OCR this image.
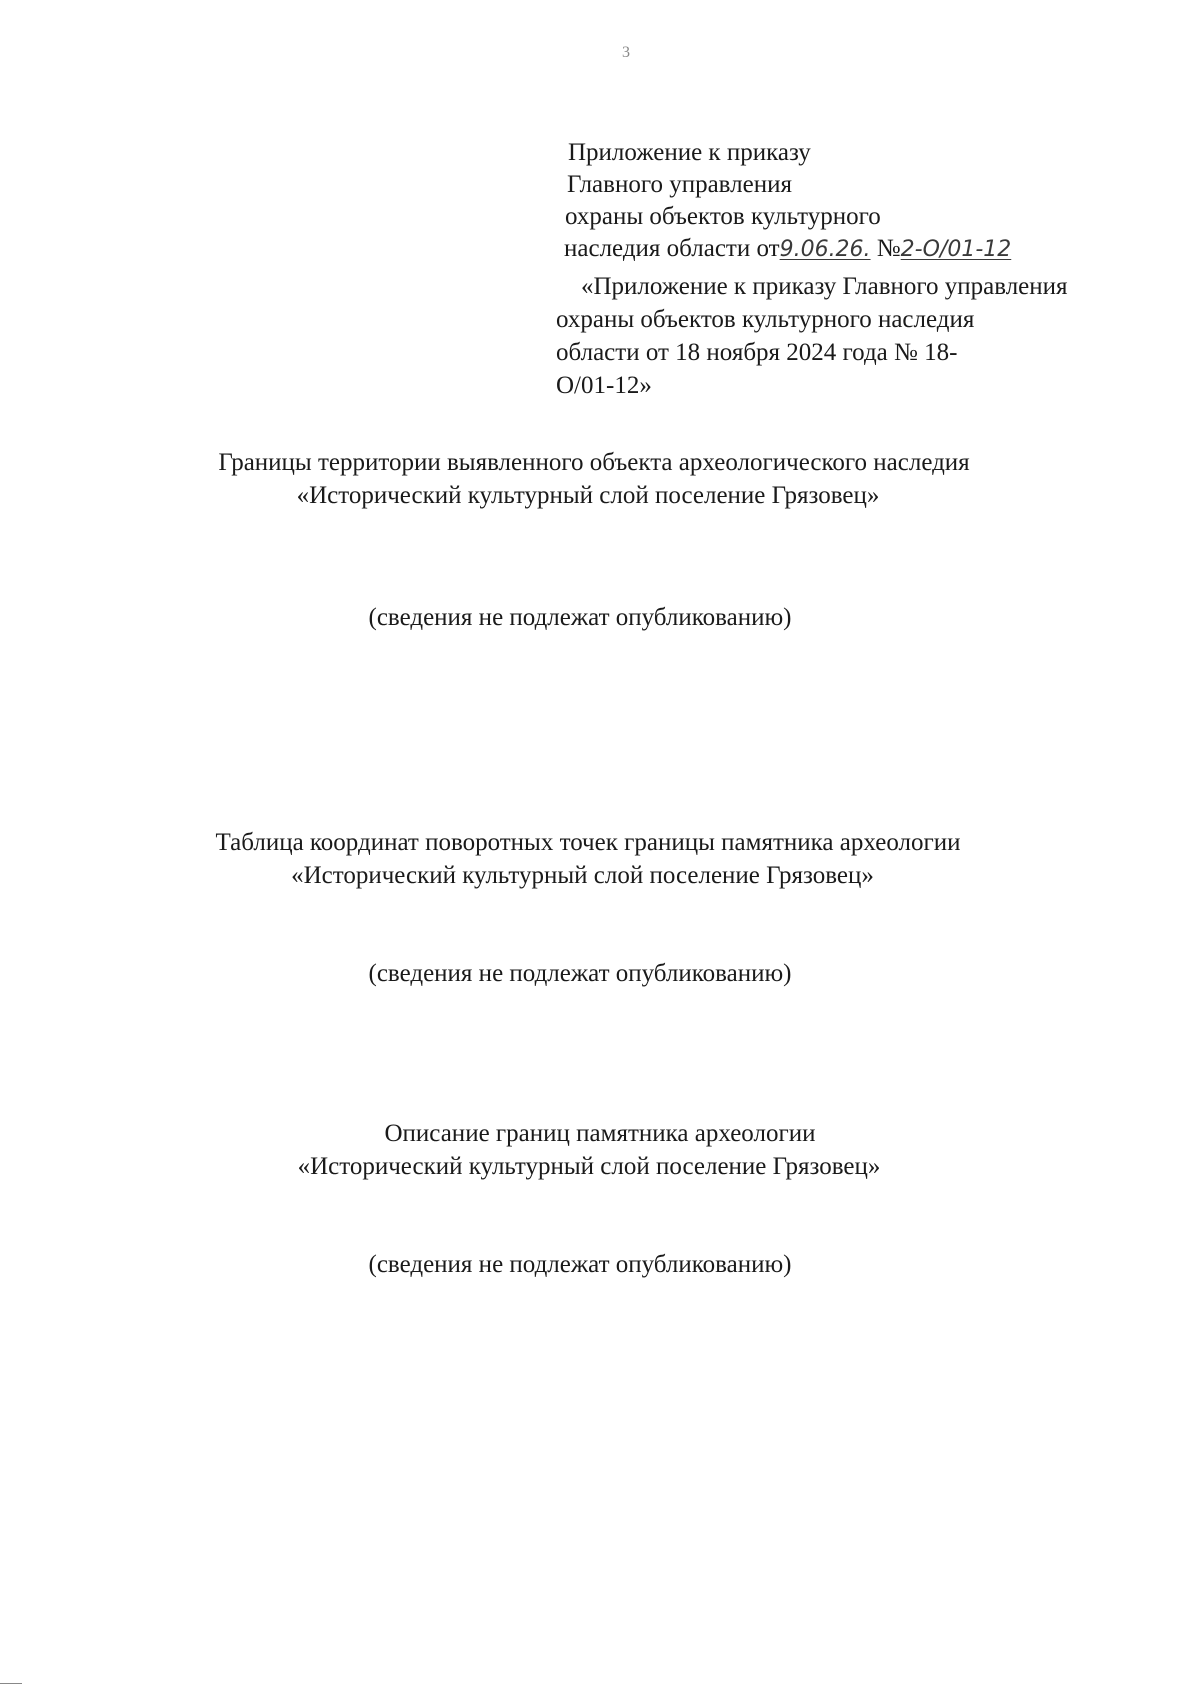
3
Приложение к приказу
Главного управления
охраны объектов культурного
наследия области от9.06.26. №2-О/01-12
«Приложение к приказу Главного управления
охраны объектов культурного наследия
области от 18 ноября 2024 года № 18-
О/01-12»
Границы территории выявленного объекта археологического наследия
«Исторический культурный слой поселение Грязовец»
(сведения не подлежат опубликованию)
Таблица координат поворотных точек границы памятника археологии
«Исторический культурный слой поселение Грязовец»
(сведения не подлежат опубликованию)
Описание границ памятника археологии
«Исторический культурный слой поселение Грязовец»
(сведения не подлежат опубликованию)
